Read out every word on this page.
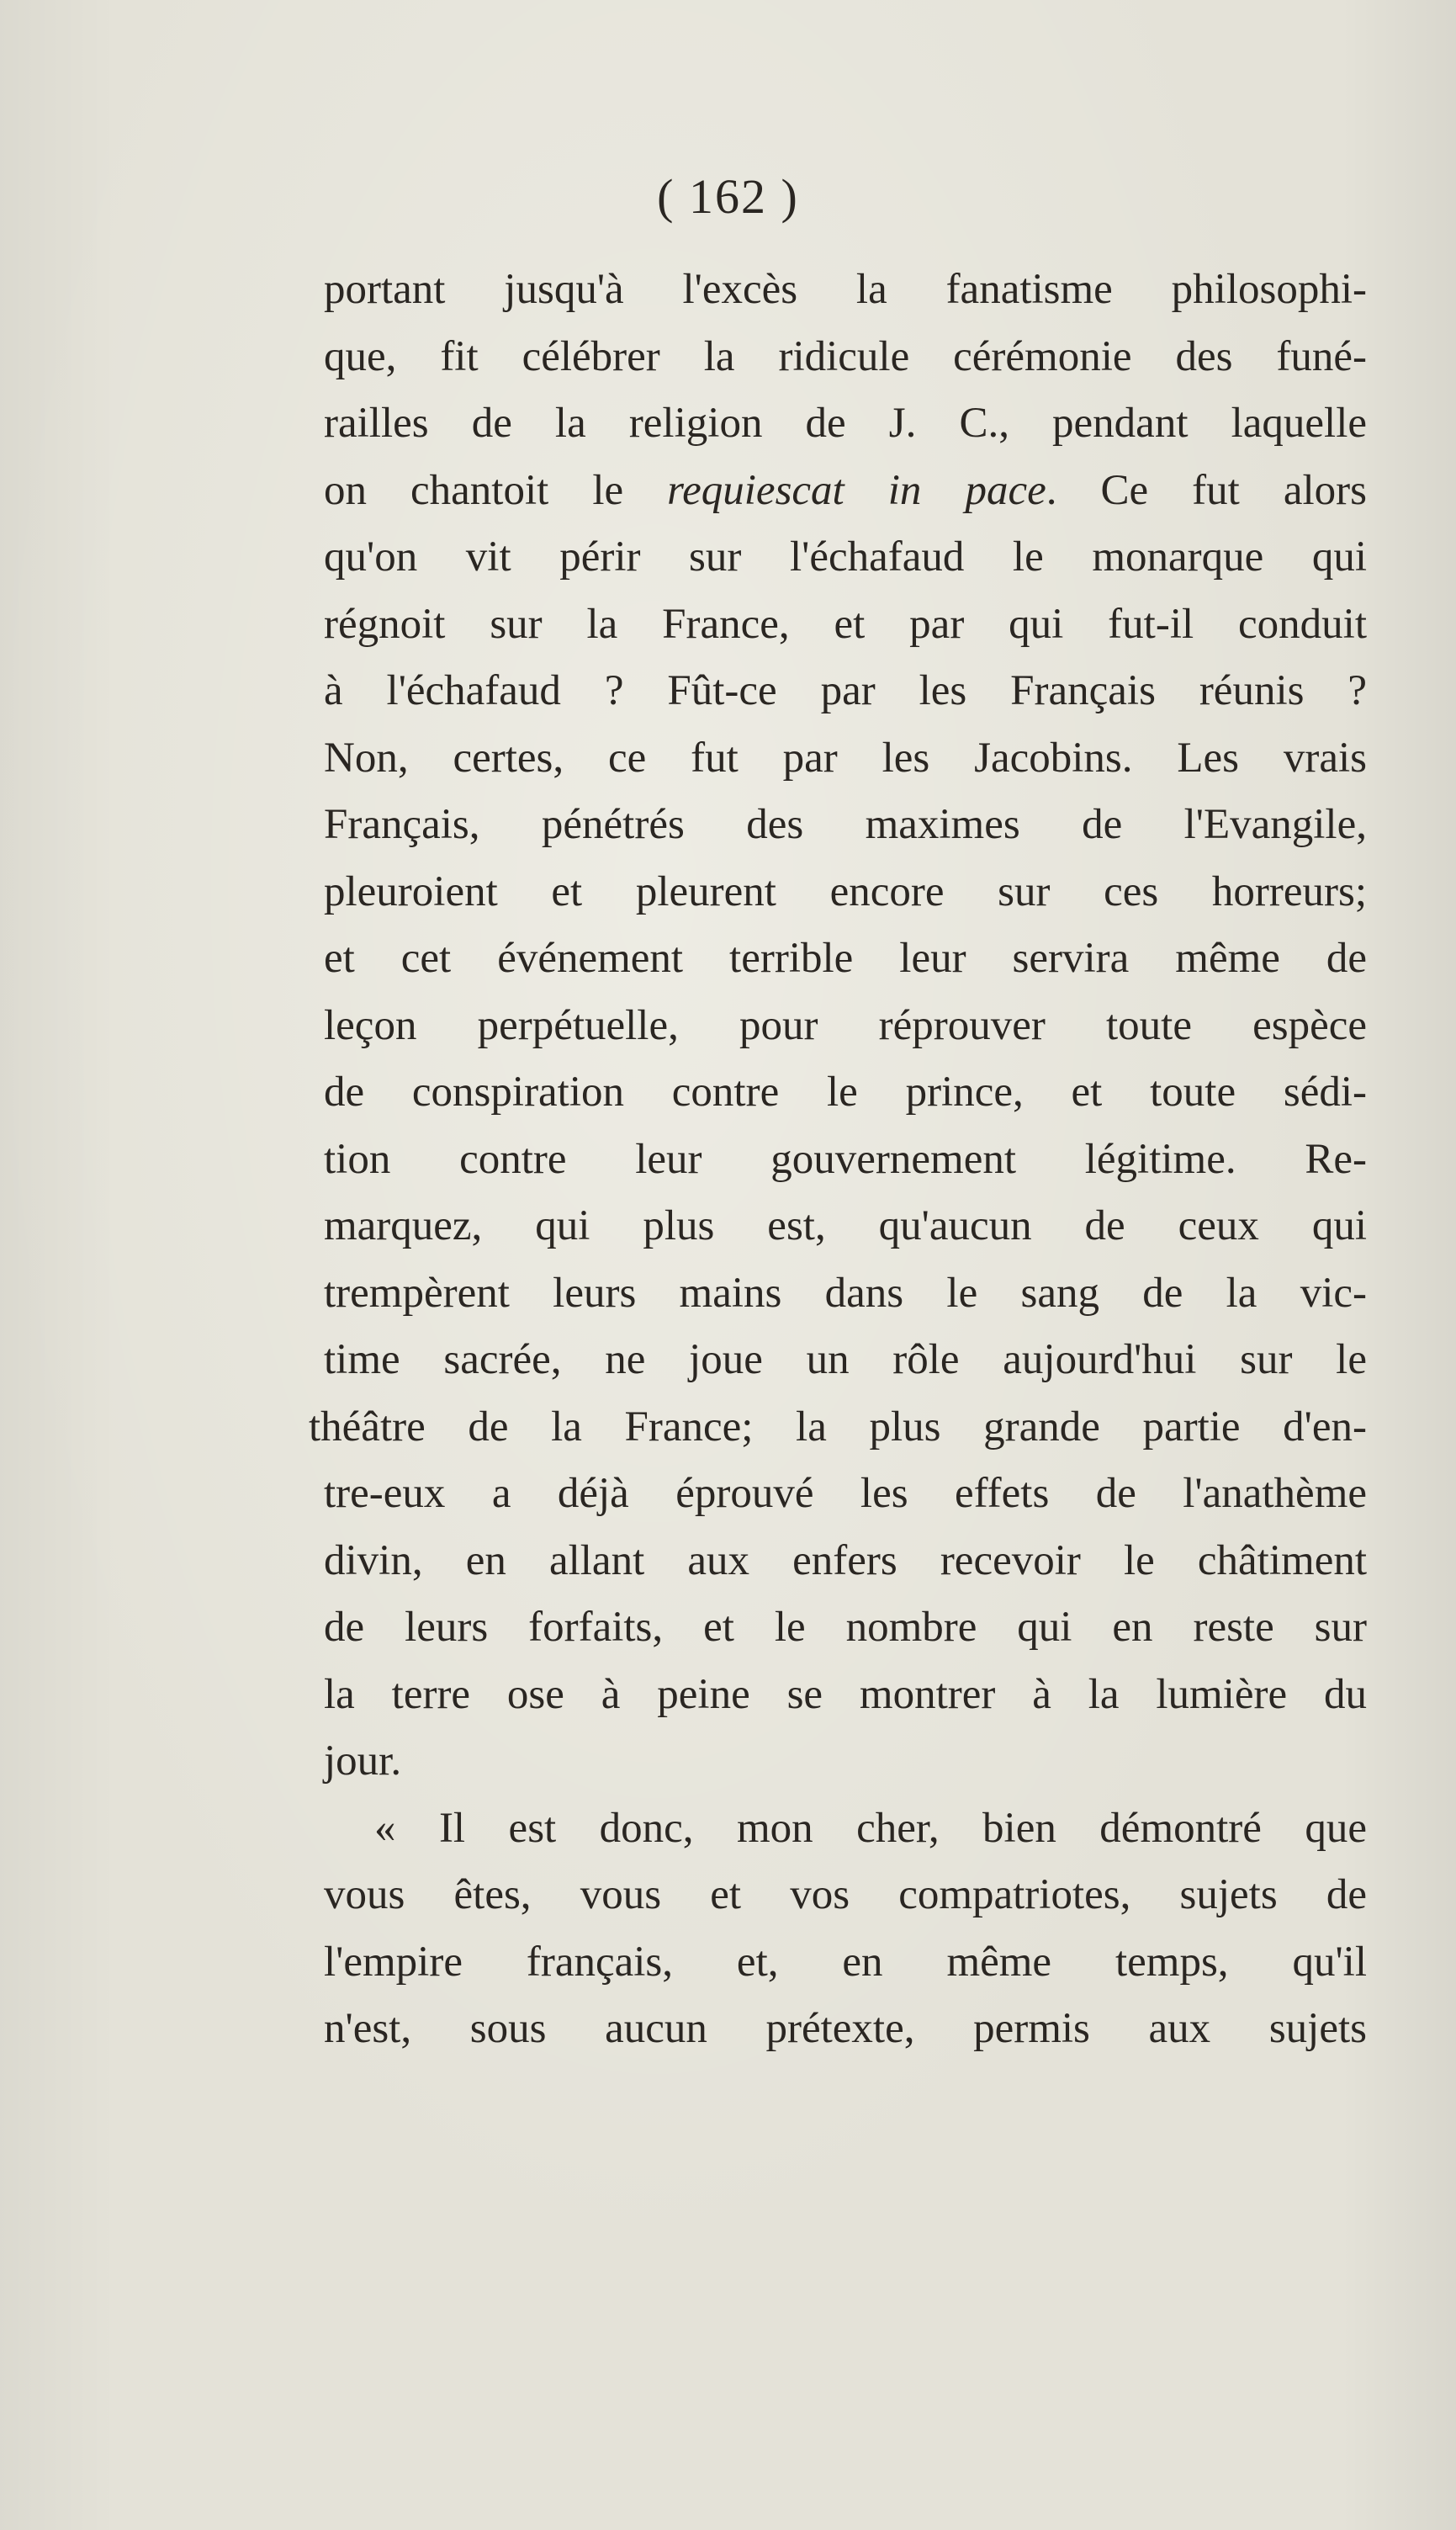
( 162 )
portant jusqu'à l'excès la fanatisme philosophi-
que, fit célébrer la ridicule cérémonie des funé-
railles de la religion de J. C., pendant laquelle
on chantoit le requiescat in pace. Ce fut alors
qu'on vit périr sur l'échafaud le monarque qui
régnoit sur la France, et par qui fut-il conduit
à l'échafaud ? Fût-ce par les Français réunis ?
Non, certes, ce fut par les Jacobins. Les vrais
Français, pénétrés des maximes de l'Evangile,
pleuroient et pleurent encore sur ces horreurs;
et cet événement terrible leur servira même de
leçon perpétuelle, pour réprouver toute espèce
de conspiration contre le prince, et toute sédi-
tion contre leur gouvernement légitime. Re-
marquez, qui plus est, qu'aucun de ceux qui
trempèrent leurs mains dans le sang de la vic-
time sacrée, ne joue un rôle aujourd'hui sur le
théâtre de la France; la plus grande partie d'en-
tre-eux a déjà éprouvé les effets de l'anathème
divin, en allant aux enfers recevoir le châtiment
de leurs forfaits, et le nombre qui en reste sur
la terre ose à peine se montrer à la lumière du
jour.
« Il est donc, mon cher, bien démontré que
vous êtes, vous et vos compatriotes, sujets de
l'empire français, et, en même temps, qu'il
n'est, sous aucun prétexte, permis aux sujets
